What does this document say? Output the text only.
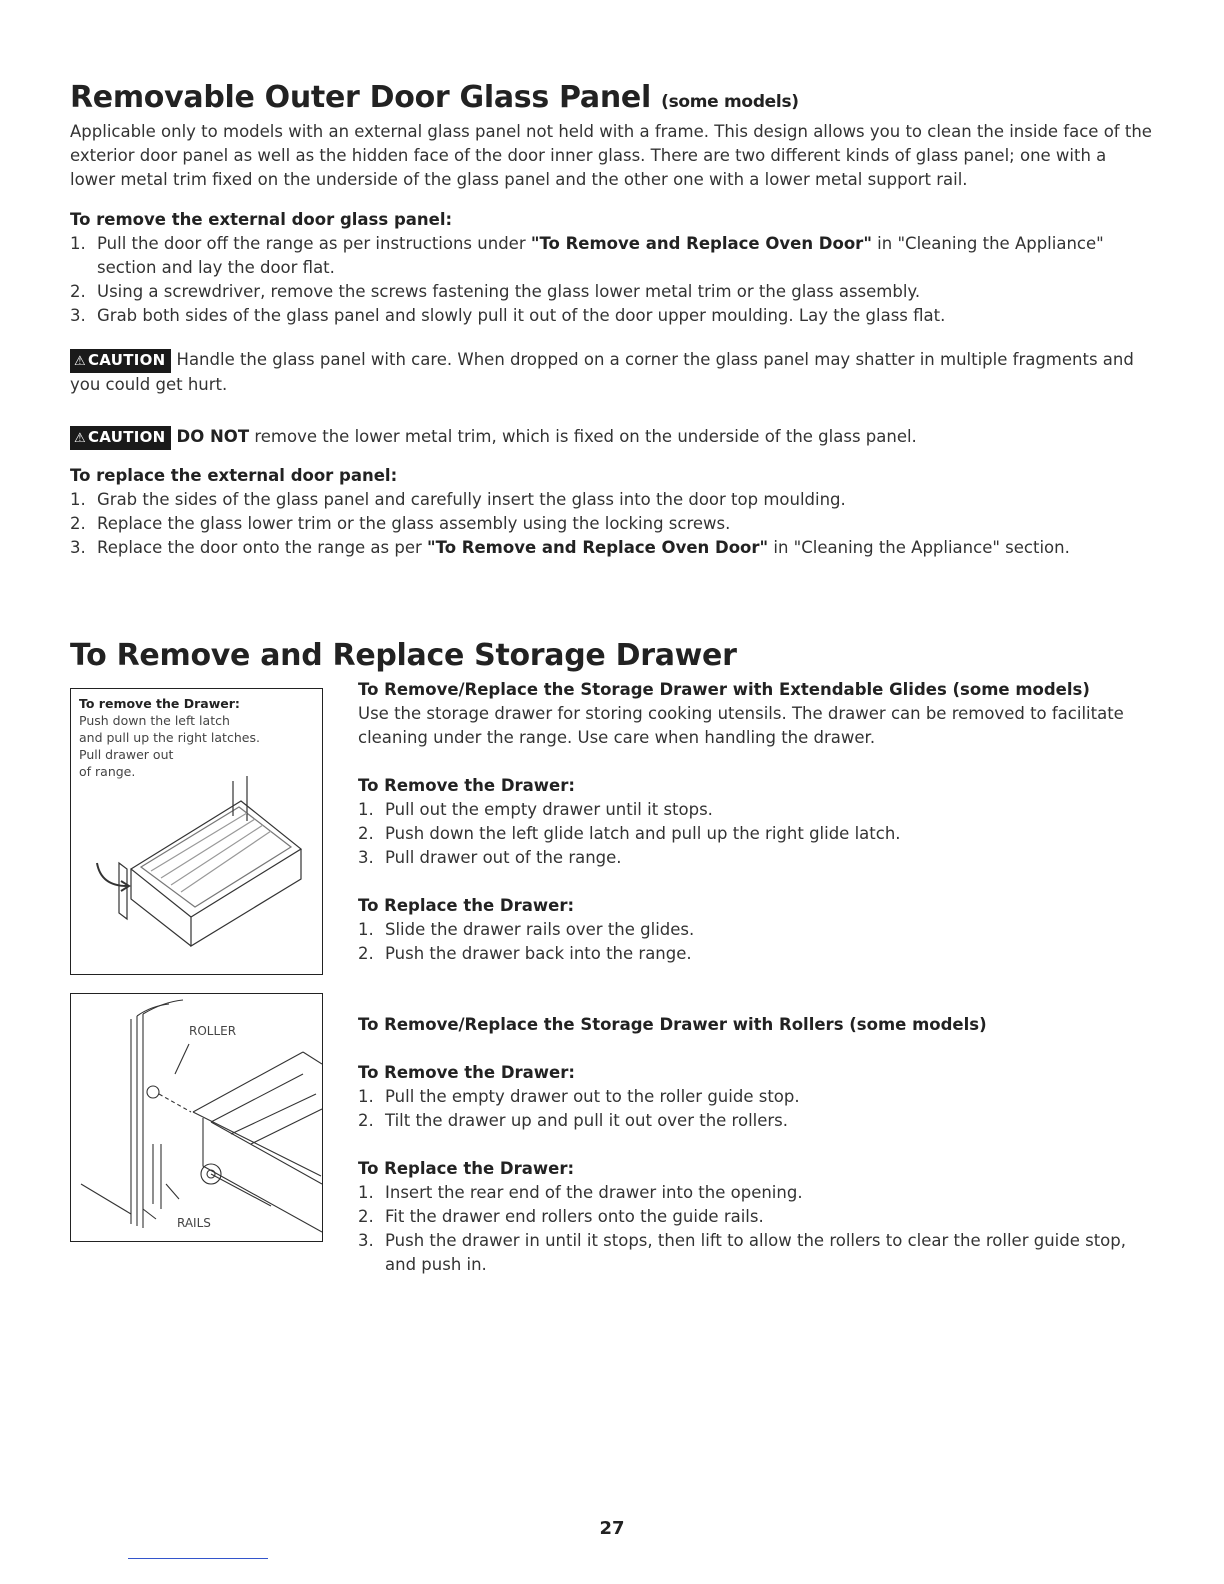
Removable Outer Door Glass Panel (some models)

Applicable only to models with an external glass panel not held with a frame. This design allows you to clean the inside face of the exterior door panel as well as the hidden face of the door inner glass. There are two different kinds of glass panel; one with a lower metal trim fixed on the underside of the glass panel and the other one with a lower metal support rail.

To remove the external door glass panel:

1. Pull the door off the range as per instructions under "To Remove and Replace Oven Door" in "Cleaning the Appliance" section and lay the door flat.
2. Using a screwdriver, remove the screws fastening the glass lower metal trim or the glass assembly.
3. Grab both sides of the glass panel and slowly pull it out of the door upper moulding. Lay the glass flat.

⚠ CAUTION Handle the glass panel with care. When dropped on a corner the glass panel may shatter in multiple fragments and you could get hurt.

⚠ CAUTION DO NOT remove the lower metal trim, which is fixed on the underside of the glass panel.

To replace the external door panel:

1. Grab the sides of the glass panel and carefully insert the glass into the door top moulding.
2. Replace the glass lower trim or the glass assembly using the locking screws.
3. Replace the door onto the range as per "To Remove and Replace Oven Door" in "Cleaning the Appliance" section.
To Remove and Replace Storage Drawer
To remove the Drawer:
Push down the left latch
and pull up the right latches.
Pull drawer out
of range.
ROLLER
RAILS

To Remove/Replace the Storage Drawer with Extendable Glides (some models)

Use the storage drawer for storing cooking utensils. The drawer can be removed to facilitate cleaning under the range. Use care when handling the drawer.

To Remove the Drawer:

1. Pull out the empty drawer until it stops.
2. Push down the left glide latch and pull up the right glide latch.
3. Pull drawer out of the range.

To Replace the Drawer:

1. Slide the drawer rails over the glides.
2. Push the drawer back into the range.

To Remove/Replace the Storage Drawer with Rollers (some models)

To Remove the Drawer:

1. Pull the empty drawer out to the roller guide stop.
2. Tilt the drawer up and pull it out over the rollers.

To Replace the Drawer:

1. Insert the rear end of the drawer into the opening.
2. Fit the drawer end rollers onto the guide rails.
3. Push the drawer in until it stops, then lift to allow the rollers to clear the roller guide stop, and push in.
27
